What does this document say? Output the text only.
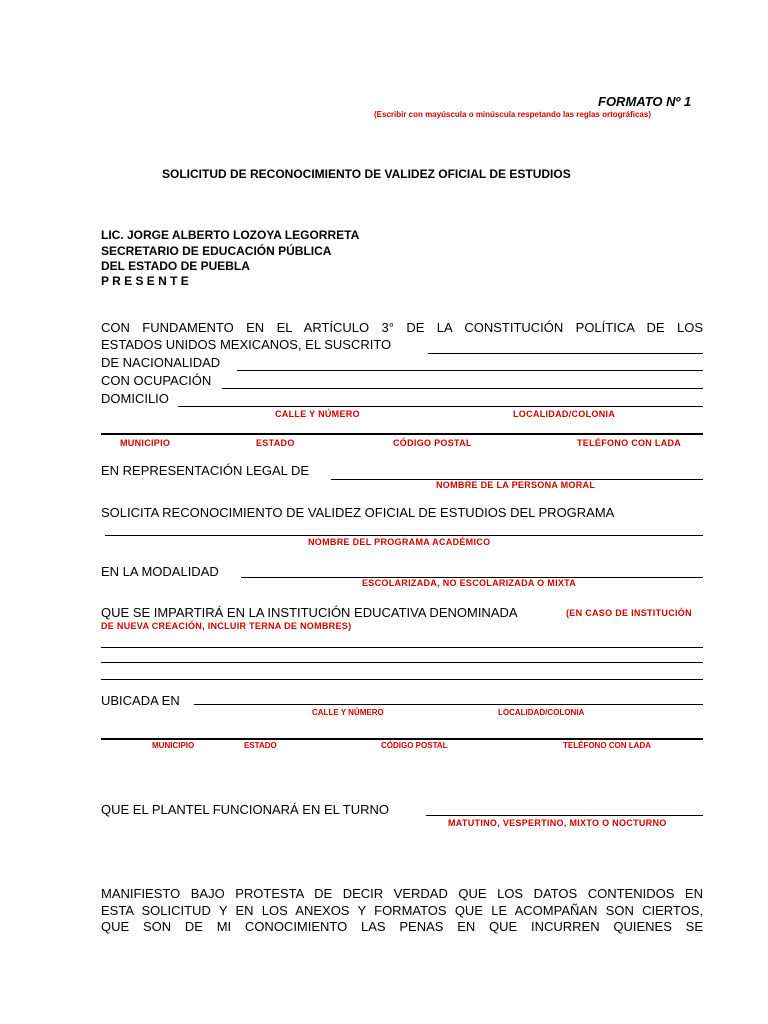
FORMATO Nº 1
(Escribir con mayúscula o minúscula respetando las reglas ortográficas)
SOLICITUD DE RECONOCIMIENTO DE VALIDEZ OFICIAL DE ESTUDIOS
LIC. JORGE ALBERTO LOZOYA LEGORRETA
SECRETARIO DE EDUCACIÓN PÚBLICA
DEL ESTADO DE PUEBLA
P R E S E N T E
CON FUNDAMENTO EN EL ARTÍCULO 3° DE LA CONSTITUCIÓN POLÍTICA DE LOS
ESTADOS UNIDOS MEXICANOS, EL SUSCRITO
DE NACIONALIDAD
CON OCUPACIÓN
DOMICILIO
CALLE Y NÚMERO	LOCALIDAD/COLONIA
MUNICIPIO	ESTADO	CÓDIGO POSTAL	TELÉFONO CON LADA
EN REPRESENTACIÓN LEGAL DE
NOMBRE DE LA PERSONA MORAL
SOLICITA RECONOCIMIENTO DE VALIDEZ OFICIAL DE ESTUDIOS DEL PROGRAMA
NOMBRE DEL PROGRAMA ACADÉMICO
EN LA MODALIDAD
ESCOLARIZADA, NO ESCOLARIZADA O MIXTA
QUE SE IMPARTIRÁ EN LA INSTITUCIÓN EDUCATIVA DENOMINADA	(EN CASO DE INSTITUCIÓN
DE NUEVA CREACIÓN, INCLUIR TERNA DE NOMBRES)
UBICADA EN
CALLE Y NÚMERO	LOCALIDAD/COLONIA
MUNICIPIO	ESTADO	CÓDIGO POSTAL	TELÉFONO CON LADA
QUE EL PLANTEL FUNCIONARÁ EN EL TURNO
MATUTINO, VESPERTINO, MIXTO O NOCTURNO
MANIFIESTO BAJO PROTESTA DE DECIR VERDAD QUE LOS DATOS CONTENIDOS EN
ESTA SOLICITUD Y EN LOS ANEXOS Y FORMATOS QUE LE ACOMPAÑAN SON CIERTOS,
QUE SON DE MI CONOCIMIENTO LAS PENAS EN QUE INCURREN QUIENES SE
